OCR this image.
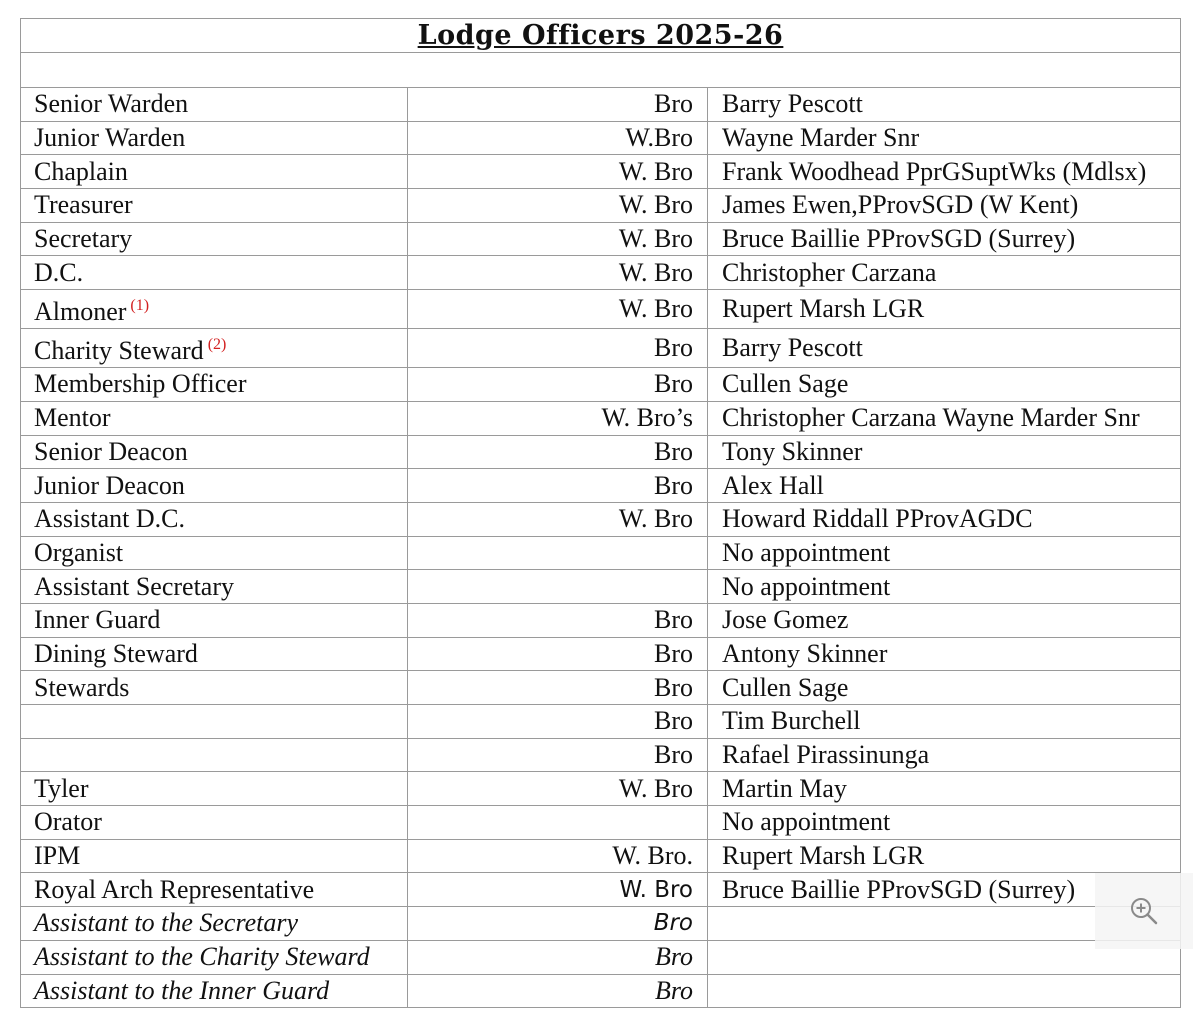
Lodge Officers 2025-26		

Senior Warden	Bro	Barry Pescott
Junior Warden	W.Bro	Wayne Marder Snr
Chaplain	W. Bro	Frank Woodhead PprGSuptWks (Mdlsx)
Treasurer	W. Bro	James Ewen,PProvSGD (W Kent)
Secretary	W. Bro	Bruce Baillie PProvSGD (Surrey)
D.C.	W. Bro	Christopher Carzana
Almoner $^{(1)}$	W. Bro	Rupert Marsh LGR
Charity Steward $^{(2)}$	Bro	Barry Pescott
Membership Officer	Bro	Cullen Sage
Mentor	W. Bro’s	Christopher Carzana Wayne Marder Snr
Senior Deacon	Bro	Tony Skinner
Junior Deacon	Bro	Alex Hall
Assistant D.C.	W. Bro	Howard Riddall PProvAGDC
Organist		No appointment
Assistant Secretary		No appointment
Inner Guard	Bro	Jose Gomez
Dining Steward	Bro	Antony Skinner
Stewards	Bro	Cullen Sage
	Bro	Tim Burchell
	Bro	Rafael Pirassinunga
Tyler	W. Bro	Martin May
Orator		No appointment
IPM	W. Bro.	Rupert Marsh LGR
Royal Arch Representative	W. Bro	Bruce Baillie PProvSGD (Surrey)
Assistant to the Secretary	Bro	
Assistant to the Charity Steward	Bro	
Assistant to the Inner Guard	Bro	
